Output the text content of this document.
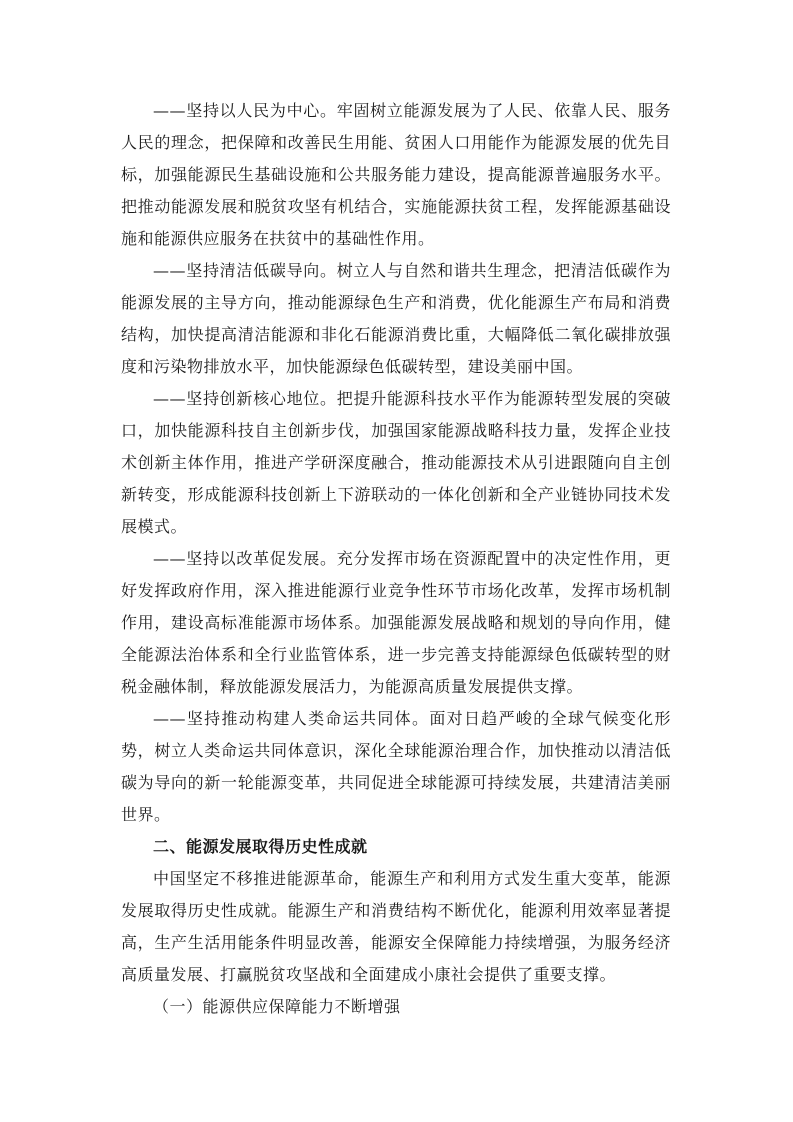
——坚持以人民为中心。牢固树立能源发展为了人民、依靠人民、服务人民的理念，把保障和改善民生用能、贫困人口用能作为能源发展的优先目标，加强能源民生基础设施和公共服务能力建设，提高能源普遍服务水平。把推动能源发展和脱贫攻坚有机结合，实施能源扶贫工程，发挥能源基础设施和能源供应服务在扶贫中的基础性作用。

——坚持清洁低碳导向。树立人与自然和谐共生理念，把清洁低碳作为能源发展的主导方向，推动能源绿色生产和消费，优化能源生产布局和消费结构，加快提高清洁能源和非化石能源消费比重，大幅降低二氧化碳排放强度和污染物排放水平，加快能源绿色低碳转型，建设美丽中国。

——坚持创新核心地位。把提升能源科技水平作为能源转型发展的突破口，加快能源科技自主创新步伐，加强国家能源战略科技力量，发挥企业技术创新主体作用，推进产学研深度融合，推动能源技术从引进跟随向自主创新转变，形成能源科技创新上下游联动的一体化创新和全产业链协同技术发展模式。

——坚持以改革促发展。充分发挥市场在资源配置中的决定性作用，更好发挥政府作用，深入推进能源行业竞争性环节市场化改革，发挥市场机制作用，建设高标准能源市场体系。加强能源发展战略和规划的导向作用，健全能源法治体系和全行业监管体系，进一步完善支持能源绿色低碳转型的财税金融体制，释放能源发展活力，为能源高质量发展提供支撑。

——坚持推动构建人类命运共同体。面对日趋严峻的全球气候变化形势，树立人类命运共同体意识，深化全球能源治理合作，加快推动以清洁低碳为导向的新一轮能源变革，共同促进全球能源可持续发展，共建清洁美丽世界。

二、能源发展取得历史性成就

中国坚定不移推进能源革命，能源生产和利用方式发生重大变革，能源发展取得历史性成就。能源生产和消费结构不断优化，能源利用效率显著提高，生产生活用能条件明显改善，能源安全保障能力持续增强，为服务经济高质量发展、打赢脱贫攻坚战和全面建成小康社会提供了重要支撑。

（一）能源供应保障能力不断增强
